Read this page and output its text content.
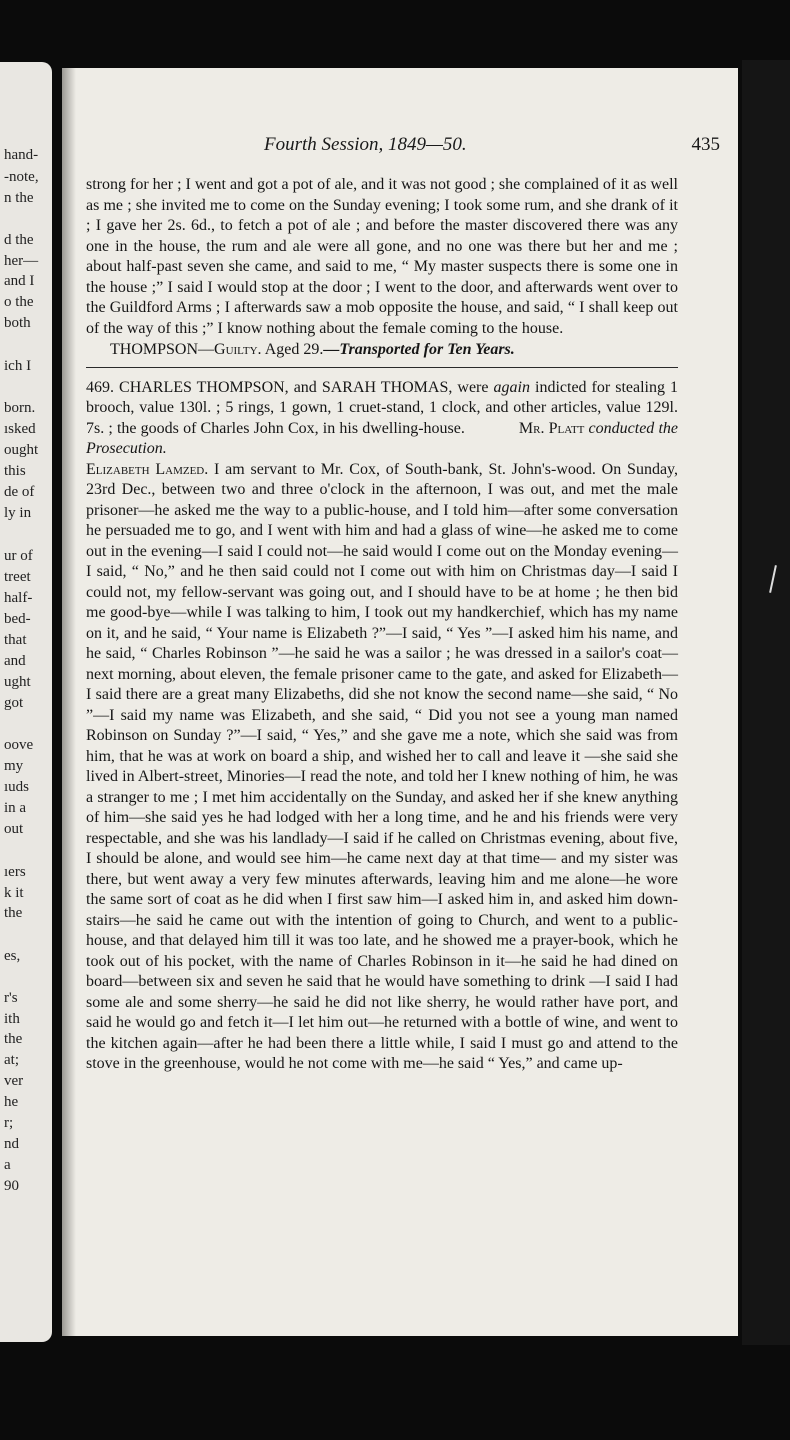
hand-
-note,
n the
d the
her—
and I
o the
both
ich I
born.
ısked
ought
this
de of
ly in
ur of
treet
half-
bed-
that
and
ught
got
oove
my
ıuds
in a
out
ıers
k it
the
es,
r's
ith
the
at;
ver
he
r;
nd
a
90
Fourth Session, 1849—50.	435

strong for her ; I went and got a pot of ale, and it was not good ; she complained of it as well as me ; she invited me to come on the Sunday evening; I took some rum, and she drank of it ; I gave her 2s. 6d., to fetch a pot of ale ; and before the master discovered there was any one in the house, the rum and ale were all gone, and no one was there but her and me ; about half-past seven she came, and said to me, “ My master suspects there is some one in the house ;” I said I would stop at the door ; I went to the door, and afterwards went over to the Guildford Arms ; I afterwards saw a mob opposite the house, and said, “ I shall keep out of the way of this ;” I know nothing about the female coming to the house.

THOMPSON—Guilty. Aged 29.—Transported for Ten Years.

469. CHARLES THOMPSON, and SARAH THOMAS, were again indicted for stealing 1 brooch, value 130l. ; 5 rings, 1 gown, 1 cruet-stand, 1 clock, and other articles, value 129l. 7s. ; the goods of Charles John Cox, in his dwelling-house.	Mr. Platt conducted the Prosecution.

Elizabeth Lamzed. I am servant to Mr. Cox, of South-bank, St. John's-wood. On Sunday, 23rd Dec., between two and three o'clock in the afternoon, I was out, and met the male prisoner—he asked me the way to a public-house, and I told him—after some conversation he persuaded me to go, and I went with him and had a glass of wine—he asked me to come out in the evening—I said I could not—he said would I come out on the Monday evening—I said, “ No,” and he then said could not I come out with him on Christmas day—I said I could not, my fellow-servant was going out, and I should have to be at home ; he then bid me good-bye—while I was talking to him, I took out my handkerchief, which has my name on it, and he said, “ Your name is Elizabeth ?”—I said, “ Yes ”—I asked him his name, and he said, “ Charles Robinson ”—he said he was a sailor ; he was dressed in a sailor's coat—next morning, about eleven, the female prisoner came to the gate, and asked for Elizabeth—I said there are a great many Elizabeths, did she not know the second name—she said, “ No ”—I said my name was Elizabeth, and she said, “ Did you not see a young man named Robinson on Sunday ?”—I said, “ Yes,” and she gave me a note, which she said was from him, that he was at work on board a ship, and wished her to call and leave it —she said she lived in Albert-street, Minories—I read the note, and told her I knew nothing of him, he was a stranger to me ; I met him accidentally on the Sunday, and asked her if she knew anything of him—she said yes he had lodged with her a long time, and he and his friends were very respectable, and she was his landlady—I said if he called on Christmas evening, about five, I should be alone, and would see him—he came next day at that time— and my sister was there, but went away a very few minutes afterwards, leaving him and me alone—he wore the same sort of coat as he did when I first saw him—I asked him in, and asked him down-stairs—he said he came out with the intention of going to Church, and went to a public-house, and that delayed him till it was too late, and he showed me a prayer-book, which he took out of his pocket, with the name of Charles Robinson in it—he said he had dined on board—between six and seven he said that he would have something to drink —I said I had some ale and some sherry—he said he did not like sherry, he would rather have port, and said he would go and fetch it—I let him out—he returned with a bottle of wine, and went to the kitchen again—after he had been there a little while, I said I must go and attend to the stove in the greenhouse, would he not come with me—he said “ Yes,” and came up-
